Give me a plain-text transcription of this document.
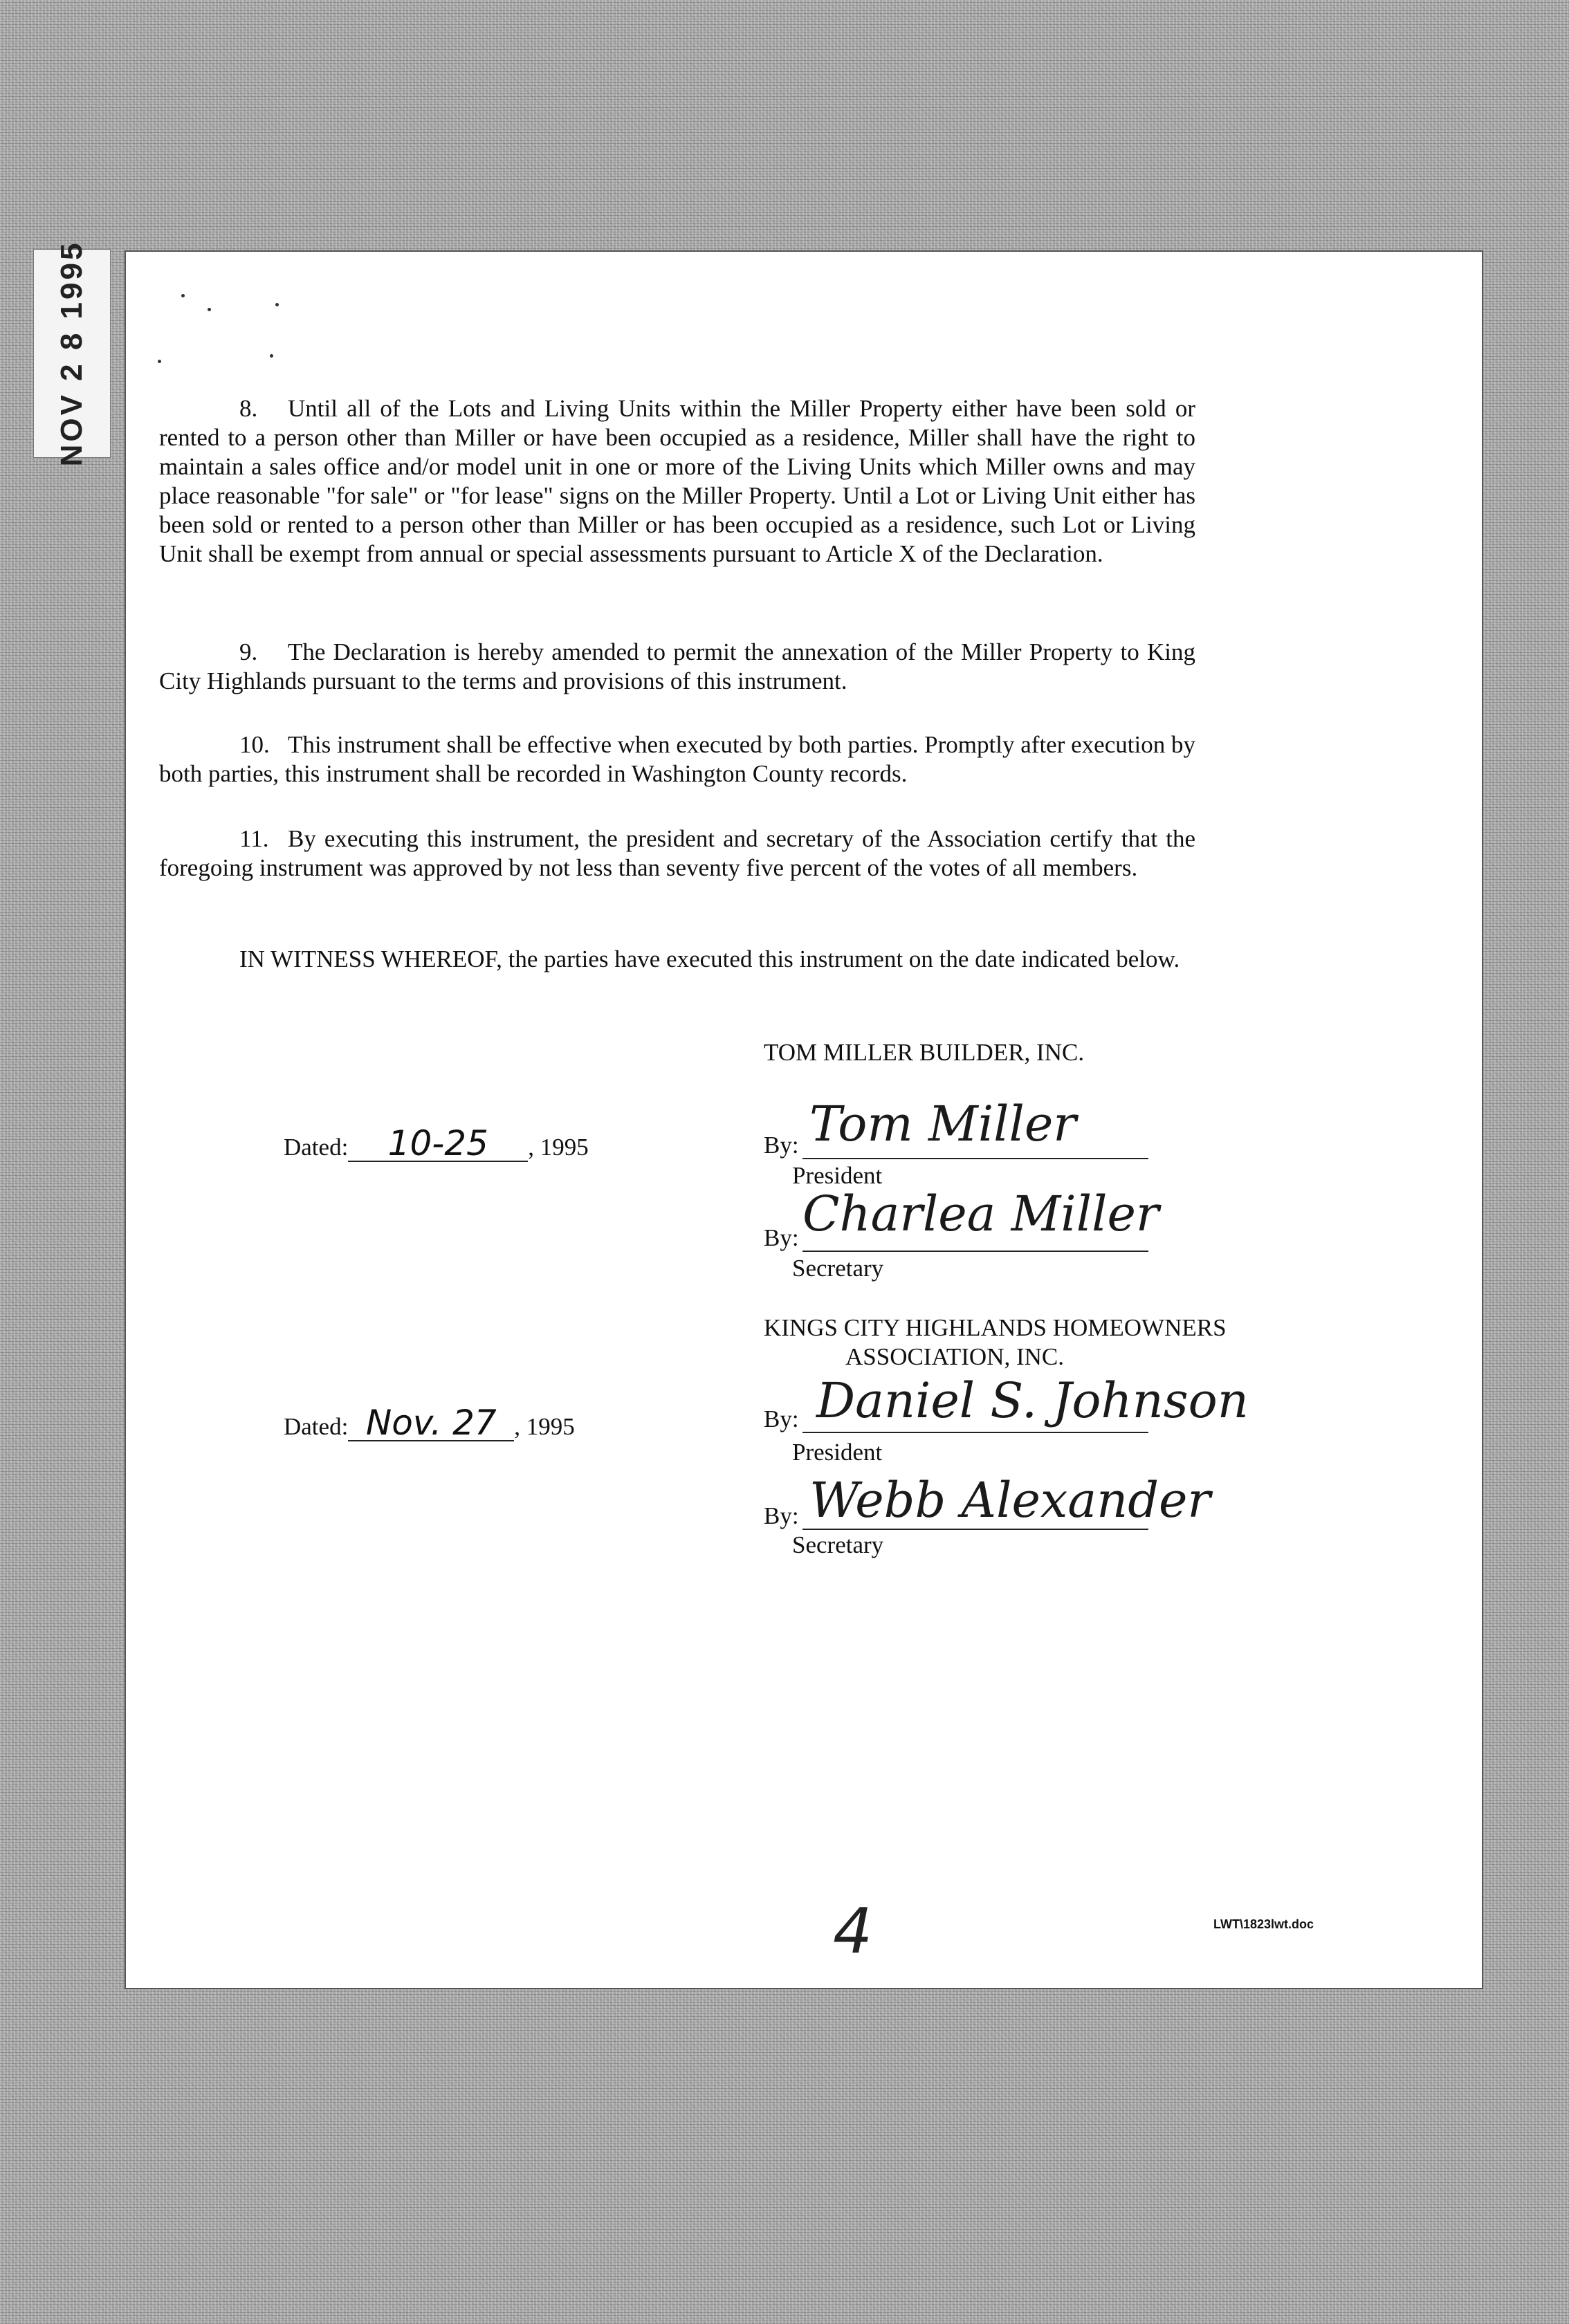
NOV 2 8 1995	8. Until all of the Lots and Living Units within the Miller Property either have been sold or rented to a person other than Miller or have been occupied as a residence, Miller shall have the right to maintain a sales office and/or model unit in one or more of the Living Units which Miller owns and may place reasonable "for sale" or "for lease" signs on the Miller Property. Until a Lot or Living Unit either has been sold or rented to a person other than Miller or has been occupied as a residence, such Lot or Living Unit shall be exempt from annual or special assessments pursuant to Article X of the Declaration.

9. The Declaration is hereby amended to permit the annexation of the Miller Property to King City Highlands pursuant to the terms and provisions of this instrument.

10. This instrument shall be effective when executed by both parties. Promptly after execution by both parties, this instrument shall be recorded in Washington County records.

11. By executing this instrument, the president and secretary of the Association certify that the foregoing instrument was approved by not less than seventy five percent of the votes of all members.

IN WITNESS WHEREOF, the parties have executed this instrument on the date indicated below.

TOM MILLER BUILDER, INC.
Dated: 10-25 , 1995	By: Tom Miller
President
By: Charlea Miller
Secretary
KINGS CITY HIGHLANDS HOMEOWNERS
ASSOCIATION, INC.
Dated: Nov. 27 , 1995	By: Daniel S. Johnson
President
By: Webb Alexander
Secretary
4	LWT\1823lwt.doc
